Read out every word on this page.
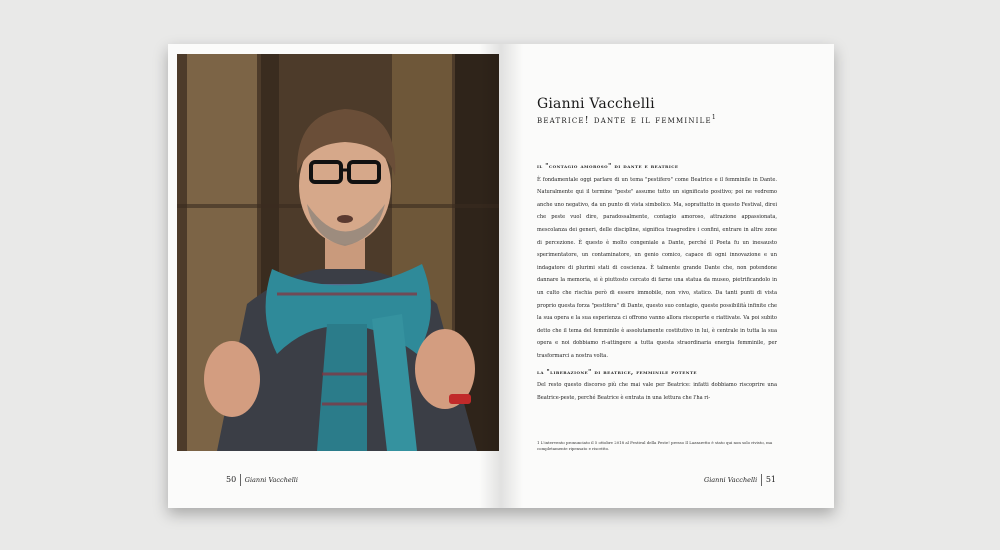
50 Gianni Vacchelli
Gianni Vacchelli
beatrice! dante e il femminile$^1$
il "contagio amoroso" di dante e beatrice

È fondamentale oggi parlare di un tema "pestifero" come Beatrice e il femminile in Dante. Naturalmente qui il termine "peste" assume tutto un significato positivo; poi ne vedremo anche uno negativo, da un punto di vista simbolico. Ma, soprattutto in questo Festival, direi che peste vuol dire, paradossalmente, contagio amoroso, attrazione appassionata, mescolanza dei generi, delle discipline, significa trasgredire i confini, entrare in altre zone di percezione. È questo è molto congeniale a Dante, perché il Poeta fu un inesausto sperimentatore, un contaminatore, un genio comico, capace di ogni innovazione e un indagatore di plurimi stati di coscienza. È talmente grande Dante che, non potendone dannare la memoria, si è piuttosto cercato di farne una statua da museo, pietrificandolo in un culto che rischia però di essere immobile, non vivo, statico. Da tanti punti di vista proprio questa forza "pestifera" di Dante, questo suo contagio, queste possibilità infinite che la sua opera e la sua esperienza ci offrono vanno allora riscoperte e riattivate. Va poi subito detto che il tema del femminile è assolutamente costitutivo in lui, è centrale in tutta la sua opera e noi dobbiamo ri-attingere a tutta questa straordinaria energia femminile, per trasformarci a nostra volta.

la "liberazione" di beatrice, femminile potente

Del resto questo discorso più che mai vale per Beatrice: infatti dobbiamo riscoprire una Beatrice-peste, perché Beatrice è entrata in una lettura che l'ha ri-

1 L'intervento pronunciato il 5 ottobre 2018 al Festival della Peste! presso Il Lazzaretto è stato qui non solo rivisto, ma completamente ripensato e riscritto.
Gianni Vacchelli 51
